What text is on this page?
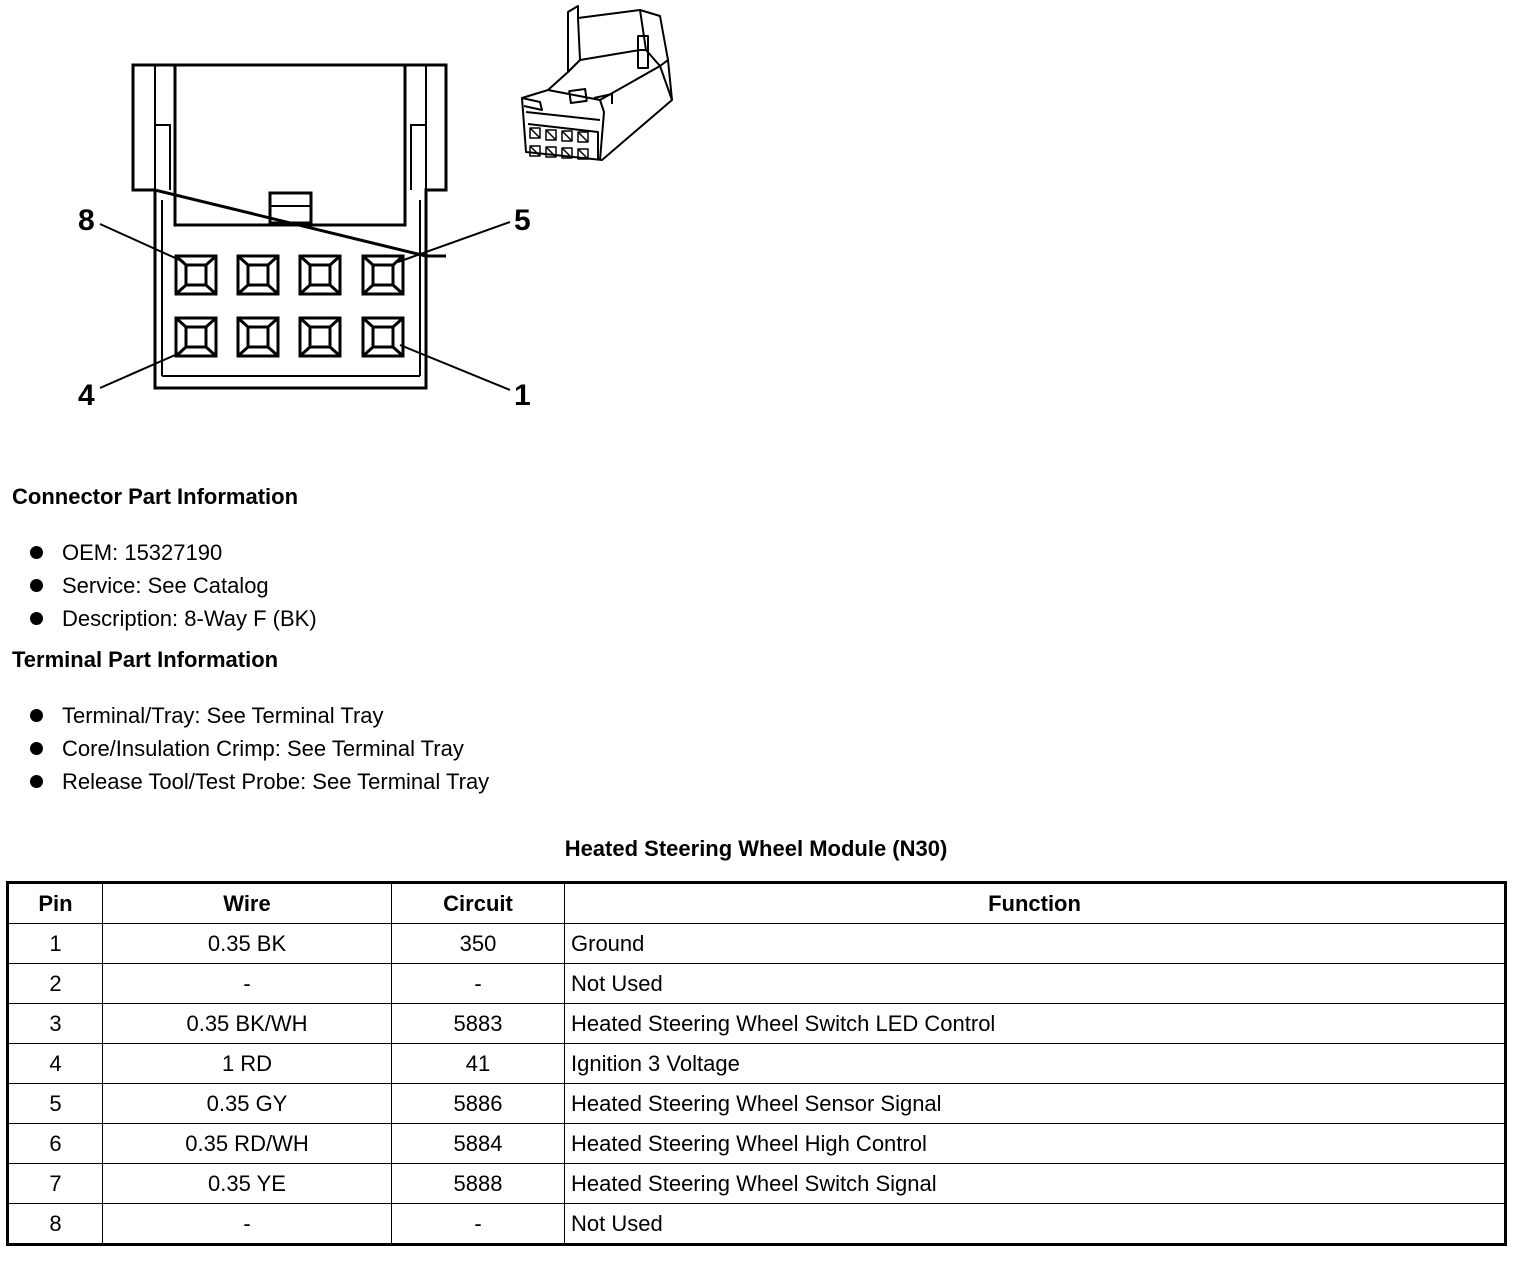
8	5
4	1
Connector Part Information
OEM: 15327190
Service: See Catalog
Description: 8-Way F (BK)
Terminal Part Information
Terminal/Tray: See Terminal Tray
Core/Insulation Crimp: See Terminal Tray
Release Tool/Test Probe: See Terminal Tray
Heated Steering Wheel Module (N30)
Pin	Wire	Circuit	Function
1	0.35 BK	350	Ground
2	-	-	Not Used
3	0.35 BK/WH	5883	Heated Steering Wheel Switch LED Control
4	1 RD	41	Ignition 3 Voltage
5	0.35 GY	5886	Heated Steering Wheel Sensor Signal
6	0.35 RD/WH	5884	Heated Steering Wheel High Control
7	0.35 YE	5888	Heated Steering Wheel Switch Signal
8	-	-	Not Used
